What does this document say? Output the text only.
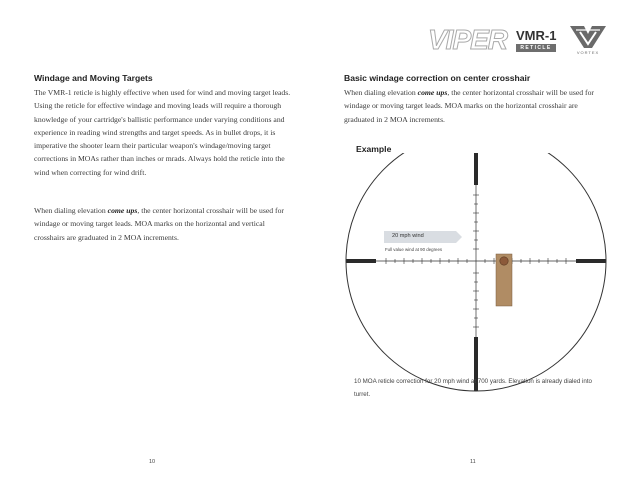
Windage and Moving Targets

The VMR-1 reticle is highly effective when used for wind and moving target leads. Using the reticle for effective windage and moving leads will require a thorough knowledge of your cartridge's ballistic performance under varying conditions and experience in reading wind strengths and target speeds. As in bullet drops, it is imperative the shooter learn their particular weapon's windage/moving target corrections in MOAs rather than inches or mrads. Always hold the reticle into the wind when correcting for wind drift.

When dialing elevation come ups, the center horizontal crosshair will be used for windage or moving target leads. MOA marks on the horizontal and vertical crosshairs are graduated in 2 MOA increments.

10
VIPER VMR-1
RETICLE
VORTEX
Basic windage correction on center crosshair

When dialing elevation come ups, the center horizontal crosshair will be used for windage or moving target leads. MOA marks on the horizontal crosshair are graduated in 2 MOA increments.

Example
11
20 mph wind
Full value wind at 90 degrees

10 MOA reticle correction for 20 mph wind at 700 yards. Elevation is already dialed into turret.
